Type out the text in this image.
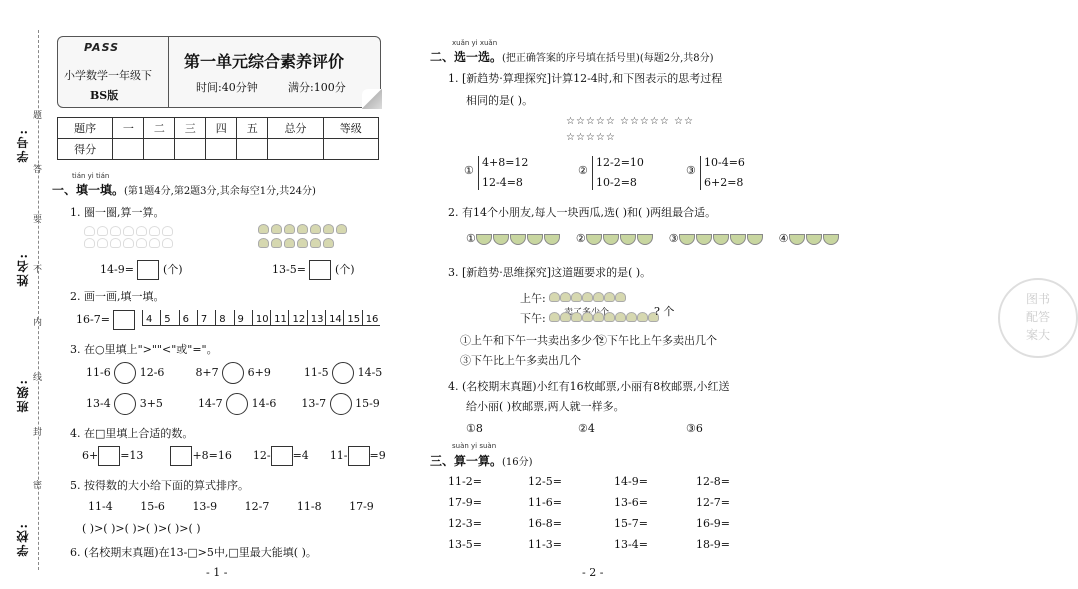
学号:
姓名:
班级:
学校:
题
答
要
不
内
线
封
密
PASS
小学数学一年级下
BS版
第一单元综合素养评价
时间:40分钟	满分:100分
题序	一	二	三	四	五	总分	等级
得分							
tián yi tián
一、填一填。(第1题4分,第2题3分,其余每空1分,共24分)
1. 圈一圈,算一算。
14-9=	(个)	13-5=	(个)
2. 画一画,填一填。
16-7=	4 5 6 7 8 9 10 11 12 13 14 15 16
3. 在○里填上">""<"或"="。
11-6	12-6	8+7	6+9	11-5	14-5
13-4	3+5	14-7	14-6 13-7	15-9
4. 在□里填上合适的数。
6+ =13	+8=16 12- =4 11- =9
5. 按得数的大小给下面的算式排序。
11-4	15-6	13-9	12-7	11-8	17-9
( )>( )>( )>( )>( )>( )
6. (名校期末真题)在13-□>5中,□里最大能填( )。
- 1 -
xuǎn yi xuǎn
二、选一选。(把正确答案的序号填在括号里)(每题2分,共8分)
1. [新趋势·算理探究]计算12-4时,和下图表示的思考过程
相同的是( )。
☆☆☆☆☆ ☆☆☆☆☆ ☆☆
☆☆☆☆☆
①
4+8=12
12-4=8
②
12-2=10
10-2=8
③
10-4=6
6+2=8
2. 有14个小朋友,每人一块西瓜,选( )和( )两组最合适。
①	②	③	④
3. [新趋势·思维探究]这道题要求的是( )。
上午:
下午:
? 个
①上午和下午一共卖出多少个
②下午比上午多卖出几个
③下午比上午多卖出几个
图书
配答
案大
4. (名校期末真题)小红有16枚邮票,小丽有8枚邮票,小红送
给小丽( )枚邮票,两人就一样多。
①8	②4	③6
suàn yi suàn
三、算一算。(16分)
11-2=	12-5=	14-9=	12-8=
17-9=	11-6=	13-6=	12-7=
12-3=	16-8=	15-7=	16-9=
13-5=	11-3=	13-4=	18-9=
- 2 -
